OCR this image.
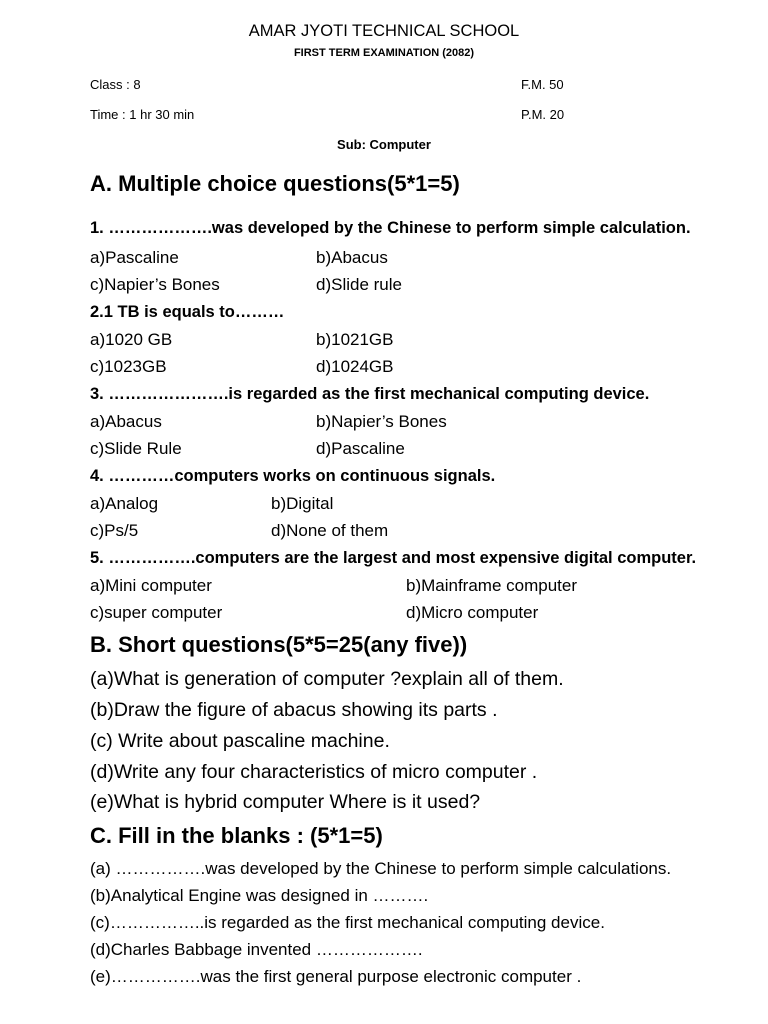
AMAR JYOTI TECHNICAL SCHOOL
FIRST TERM EXAMINATION (2082)
Class : 8	F.M. 50
Time : 1 hr 30 min	P.M. 20
Sub: Computer
A. Multiple choice questions(5*1=5)
1. ……………….was developed by the Chinese to perform simple calculation.
a)Pascaline	b)Abacus
c)Napier’s Bones	d)Slide rule
2.1 TB is equals to………
a)1020 GB	b)1021GB
c)1023GB	d)1024GB
3. ………………….is regarded as the first mechanical computing device.
a)Abacus	b)Napier’s Bones
c)Slide Rule	d)Pascaline
4. …………computers works on continuous signals.
a)Analog	b)Digital
c)Ps/5	d)None of them
5. …………….computers are the largest and most expensive digital computer.
a)Mini computer	b)Mainframe computer
c)super computer	d)Micro computer
B. Short questions(5*5=25(any five))
(a)What is generation of computer ?explain all of them.
(b)Draw the figure of abacus showing its parts .
(c) Write about pascaline machine.
(d)Write any four characteristics of micro computer .
(e)What is hybrid computer Where is it used?
C. Fill in the blanks : (5*1=5)
(a) …………….was developed by the Chinese to perform simple calculations.
(b)Analytical Engine was designed in ……….
(c)……………..is regarded as the first mechanical computing device.
(d)Charles Babbage invented ……………….
(e)…………….was the first general purpose electronic computer .
